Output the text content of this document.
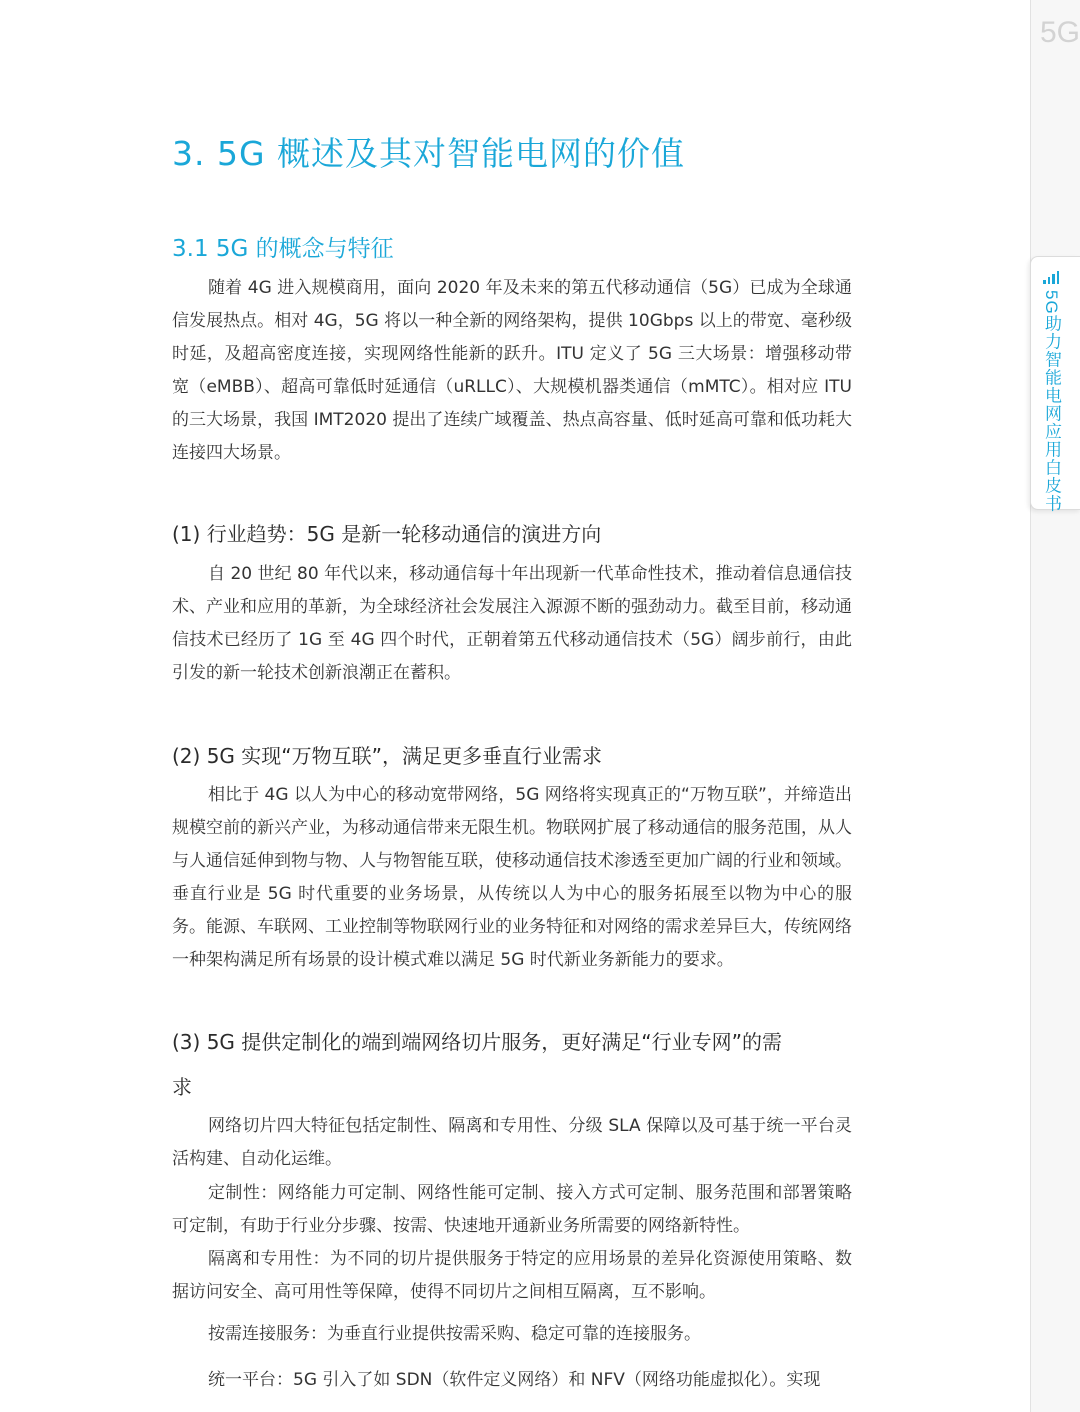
5G
5G助力智能电网应用白皮书
3. 5G 概述及其对智能电网的价值
3.1 5G 的概念与特征

随着 4G 进入规模商用，面向 2020 年及未来的第五代移动通信（5G）已成为全球通信发展热点。相对 4G，5G 将以一种全新的网络架构，提供 10Gbps 以上的带宽、毫秒级时延，及超高密度连接，实现网络性能新的跃升。ITU 定义了 5G 三大场景：增强移动带宽（eMBB）、超高可靠低时延通信（uRLLC）、大规模机器类通信（mMTC）。相对应 ITU 的三大场景，我国 IMT2020 提出了连续广域覆盖、热点高容量、低时延高可靠和低功耗大连接四大场景。

(1) 行业趋势：5G 是新一轮移动通信的演进方向

自 20 世纪 80 年代以来，移动通信每十年出现新一代革命性技术，推动着信息通信技术、产业和应用的革新，为全球经济社会发展注入源源不断的强劲动力。截至目前，移动通信技术已经历了 1G 至 4G 四个时代，正朝着第五代移动通信技术（5G）阔步前行，由此引发的新一轮技术创新浪潮正在蓄积。

(2) 5G 实现“万物互联”，满足更多垂直行业需求

相比于 4G 以人为中心的移动宽带网络，5G 网络将实现真正的“万物互联”，并缔造出规模空前的新兴产业，为移动通信带来无限生机。物联网扩展了移动通信的服务范围，从人与人通信延伸到物与物、人与物智能互联，使移动通信技术渗透至更加广阔的行业和领域。垂直行业是 5G 时代重要的业务场景，从传统以人为中心的服务拓展至以物为中心的服务。能源、车联网、工业控制等物联网行业的业务特征和对网络的需求差异巨大，传统网络一种架构满足所有场景的设计模式难以满足 5G 时代新业务新能力的要求。

(3) 5G 提供定制化的端到端网络切片服务，更好满足“行业专网”的需
求

网络切片四大特征包括定制性、隔离和专用性、分级 SLA 保障以及可基于统一平台灵活构建、自动化运维。

定制性：网络能力可定制、网络性能可定制、接入方式可定制、服务范围和部署策略可定制，有助于行业分步骤、按需、快速地开通新业务所需要的网络新特性。

隔离和专用性：为不同的切片提供服务于特定的应用场景的差异化资源使用策略、数据访问安全、高可用性等保障，使得不同切片之间相互隔离，互不影响。

按需连接服务：为垂直行业提供按需采购、稳定可靠的连接服务。

统一平台：5G 引入了如 SDN（软件定义网络）和 NFV（网络功能虚拟化）。实现
